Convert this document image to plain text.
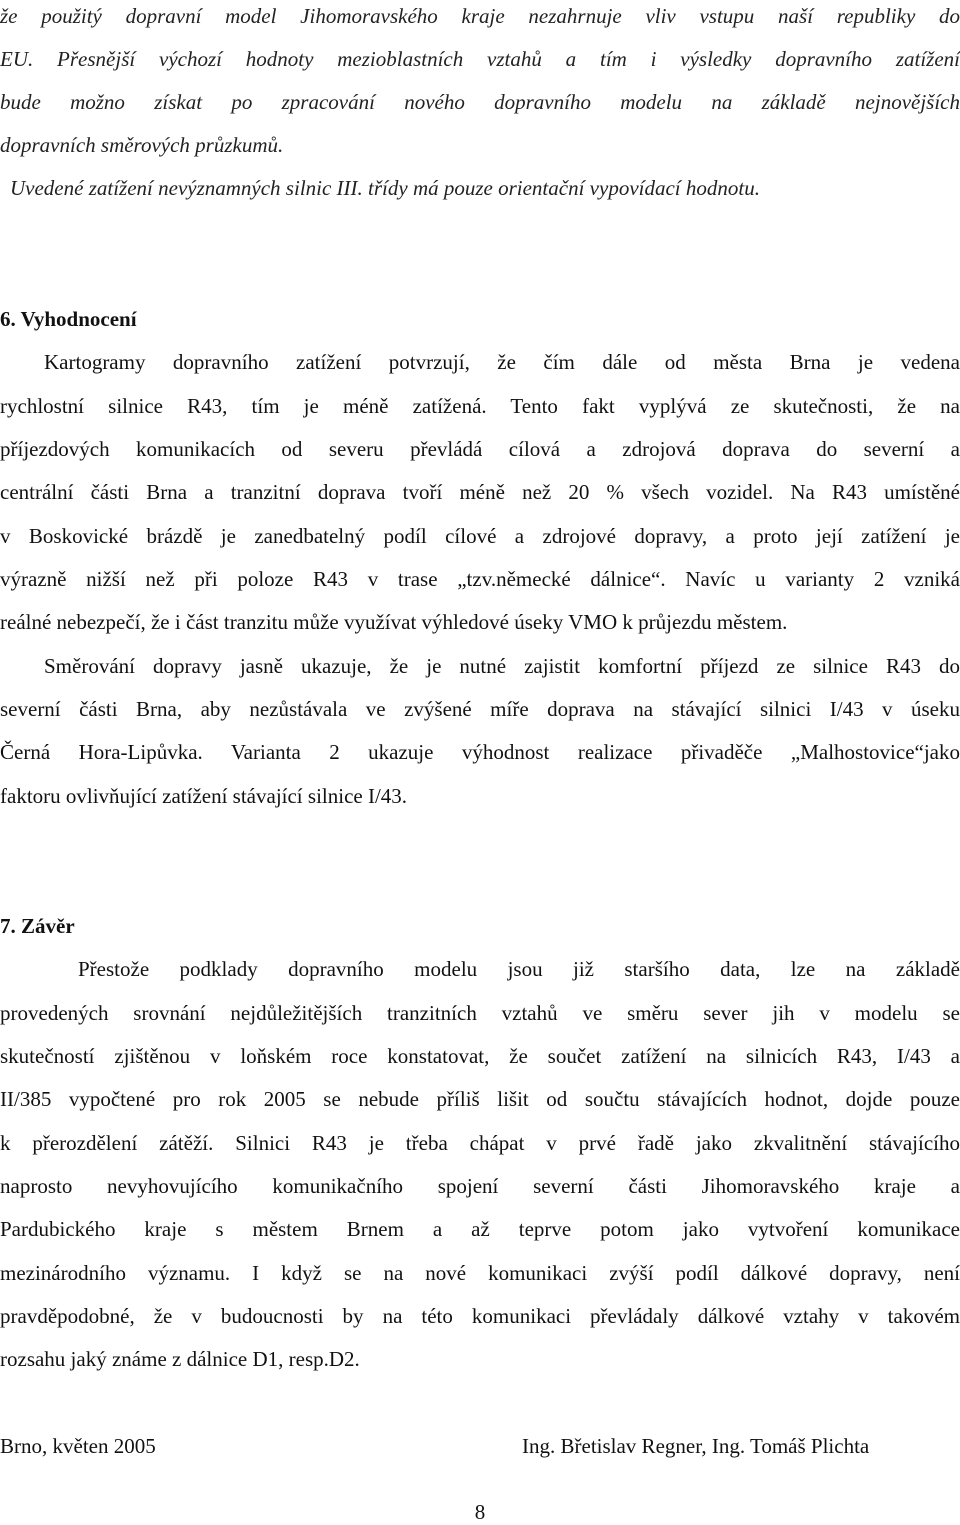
že použitý dopravní model Jihomoravského kraje nezahrnuje vliv vstupu naší republiky do
EU. Přesnější výchozí hodnoty mezioblastních vztahů a tím i výsledky dopravního zatížení
bude možno získat po zpracování nového dopravního modelu na základě nejnovějších
dopravních směrových průzkumů.
Uvedené zatížení nevýznamných silnic III. třídy má pouze orientační vypovídací hodnotu.
6. Vyhodnocení
Kartogramy dopravního zatížení potvrzují, že čím dále od města Brna je vedena
rychlostní silnice R43, tím je méně zatížená. Tento fakt vyplývá ze skutečnosti, že na
příjezdových komunikacích od severu převládá cílová a zdrojová doprava do severní a
centrální části Brna a tranzitní doprava tvoří méně než 20 % všech vozidel. Na R43 umístěné
v Boskovické brázdě je zanedbatelný podíl cílové a zdrojové dopravy, a proto její zatížení je
výrazně nižší než při poloze R43 v trase „tzv.německé dálnice“. Navíc u varianty 2 vzniká
reálné nebezpečí, že i část tranzitu může využívat výhledové úseky VMO k průjezdu městem.
Směrování dopravy jasně ukazuje, že je nutné zajistit komfortní příjezd ze silnice R43 do
severní části Brna, aby nezůstávala ve zvýšené míře doprava na stávající silnici I/43 v úseku
Černá Hora-Lipůvka. Varianta 2 ukazuje výhodnost realizace přivaděče „Malhostovice“jako
faktoru ovlivňující zatížení stávající silnice I/43.
7. Závěr
Přestože podklady dopravního modelu jsou již staršího data, lze na základě
provedených srovnání nejdůležitějších tranzitních vztahů ve směru sever jih v modelu se
skutečností zjištěnou v loňském roce konstatovat, že součet zatížení na silnicích R43, I/43 a
II/385 vypočtené pro rok 2005 se nebude příliš lišit od součtu stávajících hodnot, dojde pouze
k přerozdělení zátěží. Silnici R43 je třeba chápat v prvé řadě jako zkvalitnění stávajícího
naprosto nevyhovujícího komunikačního spojení severní části Jihomoravského kraje a
Pardubického kraje s městem Brnem a až teprve potom jako vytvoření komunikace
mezinárodního významu. I když se na nové komunikaci zvýší podíl dálkové dopravy, není
pravděpodobné, že v budoucnosti by na této komunikaci převládaly dálkové vztahy v takovém
rozsahu jaký známe z dálnice D1, resp.D2.
Brno, květen 2005	Ing. Břetislav Regner, Ing. Tomáš Plichta
8
